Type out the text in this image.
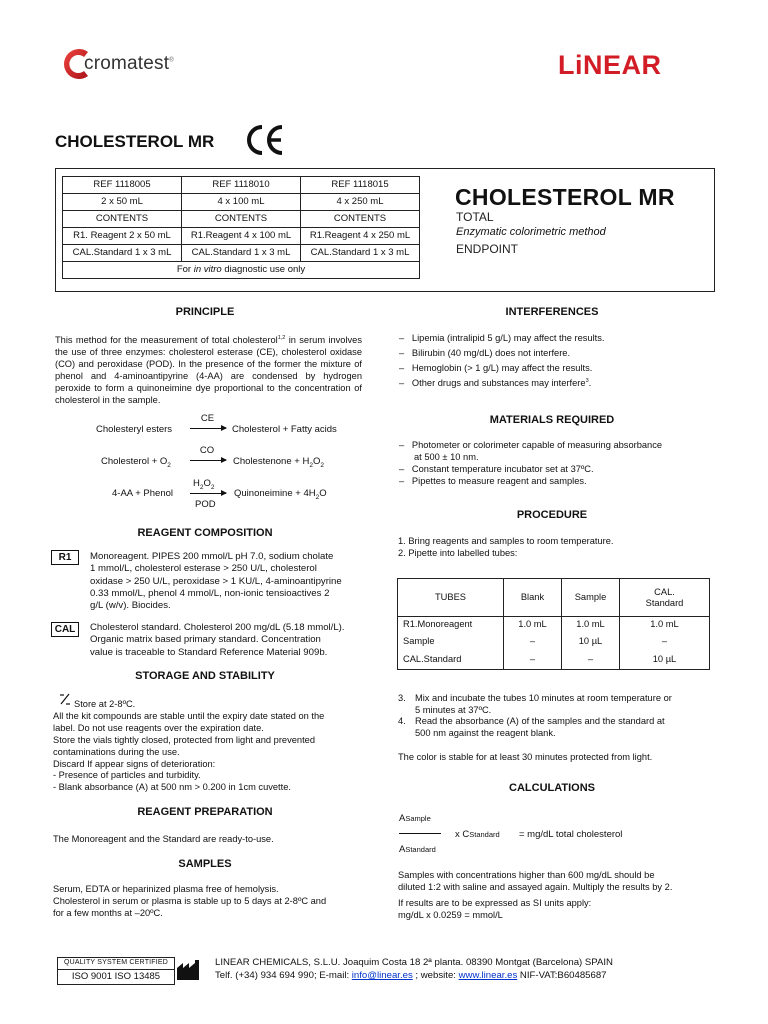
cromatest®	LiNEAR
CHOLESTEROL MR
REF 1118005	REF 1118010	REF 1118015
2 x 50 mL	4 x 100 mL	4 x 250 mL
CONTENTS	CONTENTS	CONTENTS
R1. Reagent 2 x 50 mL	R1.Reagent 4 x 100 mL	R1.Reagent 4 x 250 mL
CAL.Standard 1 x 3 mL	CAL.Standard 1 x 3 mL	CAL.Standard 1 x 3 mL
For in vitro diagnostic use only		
CHOLESTEROL MR
TOTAL
Enzymatic colorimetric method
ENDPOINT
PRINCIPLE
This method for the measurement of total cholesterol$^{1,2}$ in serum involves the use of three enzymes: cholesterol esterase (CE), cholesterol oxidase (CO) and peroxidase (POD). In the presence of the former the mixture of phenol and 4-aminoantipyrine (4-AA) are condensed by hydrogen peroxide to form a quinoneimine dye proportional to the concentration of cholesterol in the sample.
Cholesteryl esters
CE
→ Cholesterol + Fatty acids
Cholesterol + $O_2$
CO
→ Cholestenone + $H_2O_2$
$H_2O_2$
4-AA + Phenol
POD
Quinoneimine + $4H_2O$
REAGENT COMPOSITION
R1	Monoreagent. PIPES 200 mmol/L pH 7.0, sodium cholate
1 mmol/L, cholesterol esterase > 250 U/L, cholesterol
oxidase > 250 U/L, peroxidase > 1 KU/L, 4-aminoantipyrine
0.33 mmol/L, phenol 4 mmol/L, non-ionic tensioactives 2
g/L (w/v). Biocides.
CAL	Cholesterol standard. Cholesterol 200 mg/dL (5.18 mmol/L).
Organic matrix based primary standard. Concentration
value is traceable to Standard Reference Material 909b.
STORAGE AND STABILITY
Store at 2-8ºC.
All the kit compounds are stable until the expiry date stated on the
label. Do not use reagents over the expiration date.
Store the vials tightly closed, protected from light and prevented
contaminations during the use.
Discard If appear signs of deterioration:
- Presence of particles and turbidity.
- Blank absorbance (A) at 500 nm > 0.200 in 1cm cuvette.
REAGENT PREPARATION
The Monoreagent and the Standard are ready-to-use.
SAMPLES
Serum, EDTA or heparinized plasma free of hemolysis.
Cholesterol in serum or plasma is stable up to 5 days at 2-8ºC and
for a few months at –20ºC.
INTERFERENCES
–   Lipemia (intralipid 5 g/L) may affect the results.
–   Bilirubin (40 mg/dL) does not interfere.
–   Hemoglobin (> 1 g/L) may affect the results.
–   Other drugs and substances may interfere$^3$.
MATERIALS REQUIRED
–   Photometer or colorimeter capable of measuring absorbance
at 500 ± 10 nm.
–   Constant temperature incubator set at 37ºC.
–   Pipettes to measure reagent and samples.
PROCEDURE
1. Bring reagents and samples to room temperature.
2. Pipette into labelled tubes:
TUBES	Blank	Sample	CAL.
Standard
R1.Monoreagent	1.0 mL	1.0 mL	1.0 mL
Sample	–	10 µL	–
CAL.Standard	–	–	10 µL
3. Mix and incubate the tubes 10 minutes at room temperature or
5 minutes at 37ºC.
4. Read the absorbance (A) of the samples and the standard at
500 nm against the reagent blank.
The color is stable for at least 30 minutes protected from light.
CALCULATIONS
ASample
AStandard
x CStandard = mg/dL total cholesterol
Samples with concentrations higher than 600 mg/dL should be
diluted 1:2 with saline and assayed again. Multiply the results by 2.
If results are to be expressed as SI units apply:
mg/dL x 0.0259 = mmol/L
QUALITY SYSTEM CERTIFIED
ISO 9001 ISO 13485
LINEAR CHEMICALS, S.L.U. Joaquim Costa 18 2ª planta. 08390 Montgat (Barcelona) SPAIN
Telf. (+34) 934 694 990; E-mail: info@linear.es ; website: www.linear.es NIF-VAT:B60485687
